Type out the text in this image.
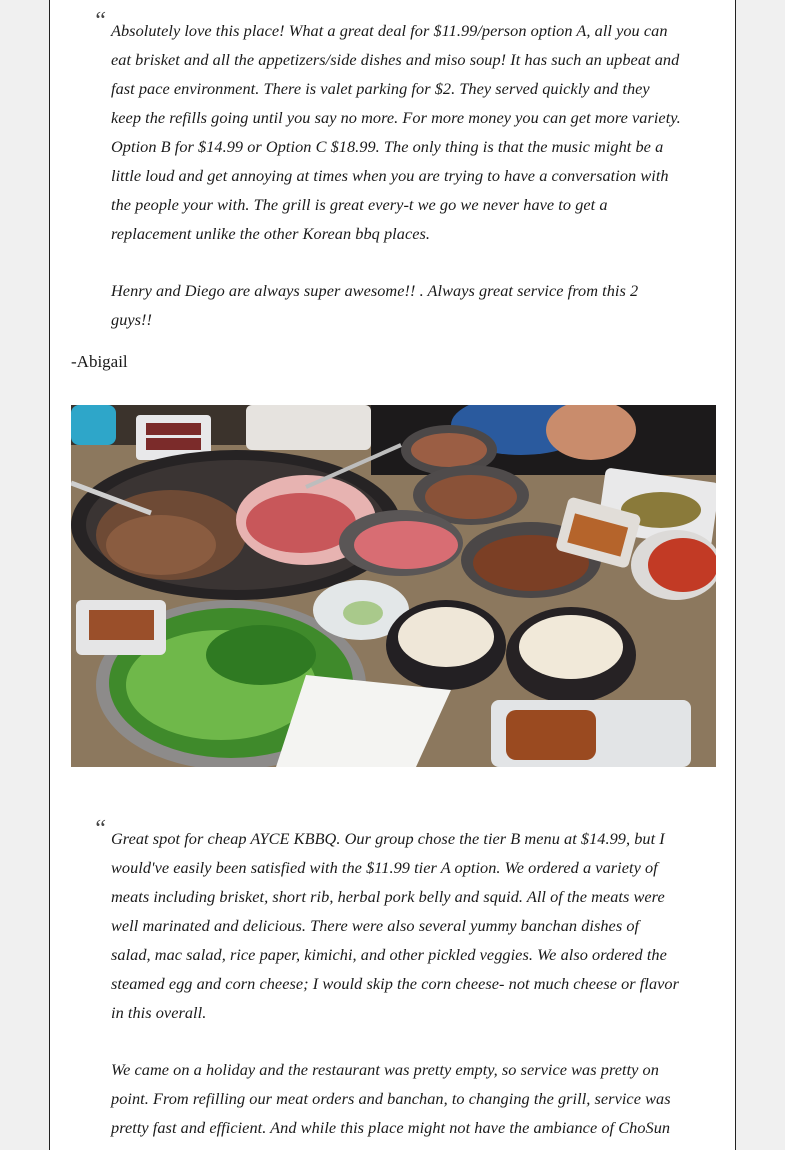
“ Absolutely love this place! What a great deal for $11.99/person option A, all you can eat brisket and all the appetizers/side dishes and miso soup! It has such an upbeat and fast pace environment. There is valet parking for $2. They served quickly and they keep the refills going until you say no more. For more money you can get more variety. Option B for $14.99 or Option C $18.99. The only thing is that the music might be a little loud and get annoying at times when you are trying to have a conversation with the people your with. The grill is great every-t we go we never have to get a replacement unlike the other Korean bbq places.

Henry and Diego are always super awesome!! . Always great service from this 2 guys!!

-Abigail
“ Great spot for cheap AYCE KBBQ. Our group chose the tier B menu at $14.99, but I would've easily been satisfied with the $11.99 tier A option. We ordered a variety of meats including brisket, short rib, herbal pork belly and squid. All of the meats were well marinated and delicious. There were also several yummy banchan dishes of salad, mac salad, rice paper, kimichi, and other pickled veggies. We also ordered the steamed egg and corn cheese; I would skip the corn cheese- not much cheese or flavor in this overall.

We came on a holiday and the restaurant was pretty empty, so service was pretty on point. From refilling our meat orders and banchan, to changing the grill, service was pretty fast and efficient. And while this place might not have the ambiance of ChoSun
